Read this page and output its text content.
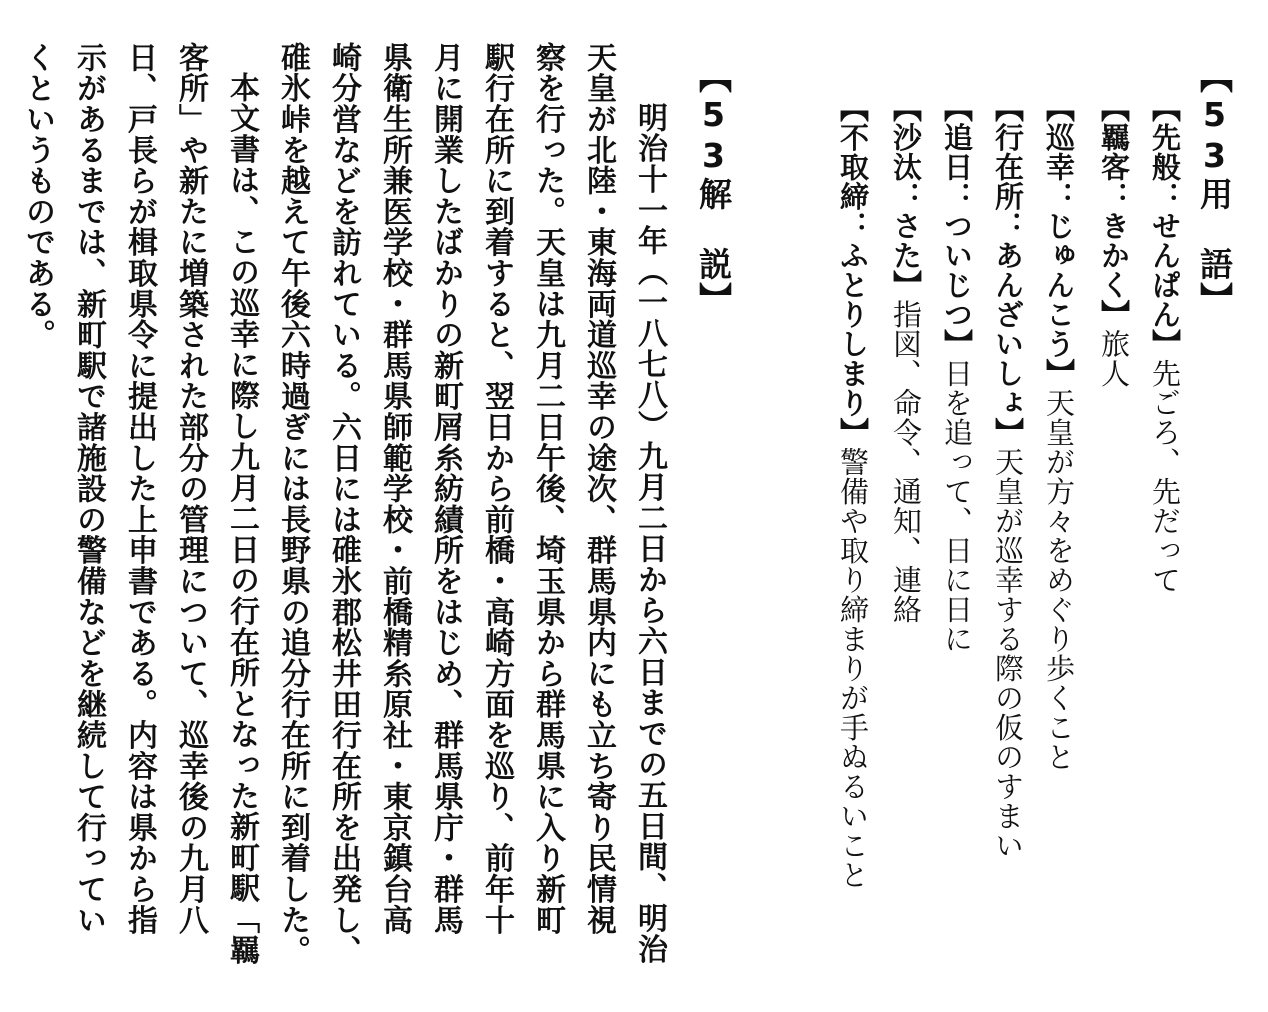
【53用　語】
【先般：せんぱん】先ごろ、先だって
【羈客：きかく】旅人
【巡幸：じゅんこう】天皇が方々をめぐり歩くこと
【行在所：あんざいしょ】天皇が巡幸する際の仮のすまい
【追日：ついじつ】日を追って、日に日に
【沙汰：さた】指図、命令、通知、連絡
【不取締：ふとりしまり】警備や取り締まりが手ぬるいこと
【53解　説】
明治十一年（一八七八）九月二日から六日までの五日間、明治
天皇が北陸・東海両道巡幸の途次、群馬県内にも立ち寄り民情視
察を行った。天皇は九月二日午後、埼玉県から群馬県に入り新町
駅行在所に到着すると、翌日から前橋・高崎方面を巡り、前年十
月に開業したばかりの新町屑糸紡績所をはじめ、群馬県庁・群馬
県衛生所兼医学校・群馬県師範学校・前橋精糸原社・東京鎮台高
崎分営などを訪れている。六日には碓氷郡松井田行在所を出発し、
碓氷峠を越えて午後六時過ぎには長野県の追分行在所に到着した。
本文書は、この巡幸に際し九月二日の行在所となった新町駅「羈
客所」や新たに増築された部分の管理について、巡幸後の九月八
日、戸長らが楫取県令に提出した上申書である。内容は県から指
示があるまでは、新町駅で諸施設の警備などを継続して行ってい
くというものである。
